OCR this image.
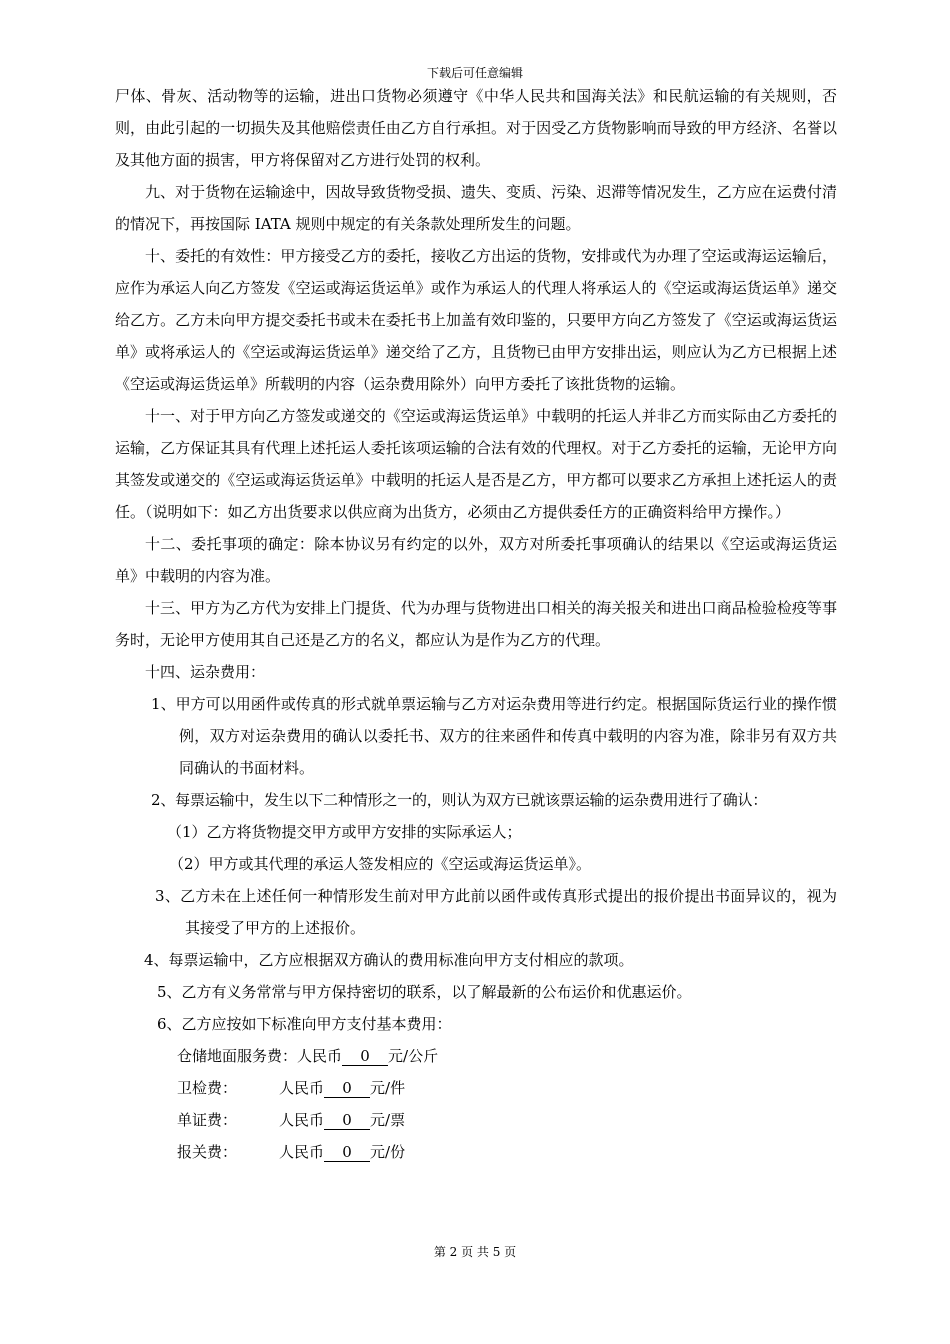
下载后可任意编辑

尸体、骨灰、活动物等的运输，进出口货物必须遵守《中华人民共和国海关法》和民航运输的有关规则，否则，由此引起的一切损失及其他赔偿责任由乙方自行承担。对于因受乙方货物影响而导致的甲方经济、名誉以及其他方面的损害，甲方将保留对乙方进行处罚的权利。

九、对于货物在运输途中，因故导致货物受损、遗失、变质、污染、迟滞等情况发生，乙方应在运费付清的情况下，再按国际 IATA 规则中规定的有关条款处理所发生的问题。

十、委托的有效性：甲方接受乙方的委托，接收乙方出运的货物，安排或代为办理了空运或海运运输后，应作为承运人向乙方签发《空运或海运货运单》或作为承运人的代理人将承运人的《空运或海运货运单》递交给乙方。乙方未向甲方提交委托书或未在委托书上加盖有效印鉴的，只要甲方向乙方签发了《空运或海运货运单》或将承运人的《空运或海运货运单》递交给了乙方，且货物已由甲方安排出运，则应认为乙方已根据上述《空运或海运货运单》所载明的内容（运杂费用除外）向甲方委托了该批货物的运输。

十一、对于甲方向乙方签发或递交的《空运或海运货运单》中载明的托运人并非乙方而实际由乙方委托的运输，乙方保证其具有代理上述托运人委托该项运输的合法有效的代理权。对于乙方委托的运输，无论甲方向其签发或递交的《空运或海运货运单》中载明的托运人是否是乙方，甲方都可以要求乙方承担上述托运人的责任。（说明如下：如乙方出货要求以供应商为出货方，必须由乙方提供委任方的正确资料给甲方操作。）

十二、委托事项的确定：除本协议另有约定的以外，双方对所委托事项确认的结果以《空运或海运货运单》中载明的内容为准。

十三、甲方为乙方代为安排上门提货、代为办理与货物进出口相关的海关报关和进出口商品检验检疫等事务时，无论甲方使用其自己还是乙方的名义，都应认为是作为乙方的代理。

十四、运杂费用：

1、甲方可以用函件或传真的形式就单票运输与乙方对运杂费用等进行约定。根据国际货运行业的操作惯例，双方对运杂费用的确认以委托书、双方的往来函件和传真中载明的内容为准，除非另有双方共同确认的书面材料。

2、每票运输中，发生以下二种情形之一的，则认为双方已就该票运输的运杂费用进行了确认：

（1）乙方将货物提交甲方或甲方安排的实际承运人；

（2）甲方或其代理的承运人签发相应的《空运或海运货运单》。

3、乙方未在上述任何一种情形发生前对甲方此前以函件或传真形式提出的报价提出书面异议的，视为其接受了甲方的上述报价。

4、每票运输中，乙方应根据双方确认的费用标准向甲方支付相应的款项。

5、乙方有义务常常与甲方保持密切的联系，以了解最新的公布运价和优惠运价。

6、乙方应按如下标准向甲方支付基本费用：

仓储地面服务费：人民币 0 元/公斤
卫检费：	人民币 0 元/件
单证费：	人民币 0 元/票
报关费：	人民币 0 元/份
第 2 页 共 5 页
